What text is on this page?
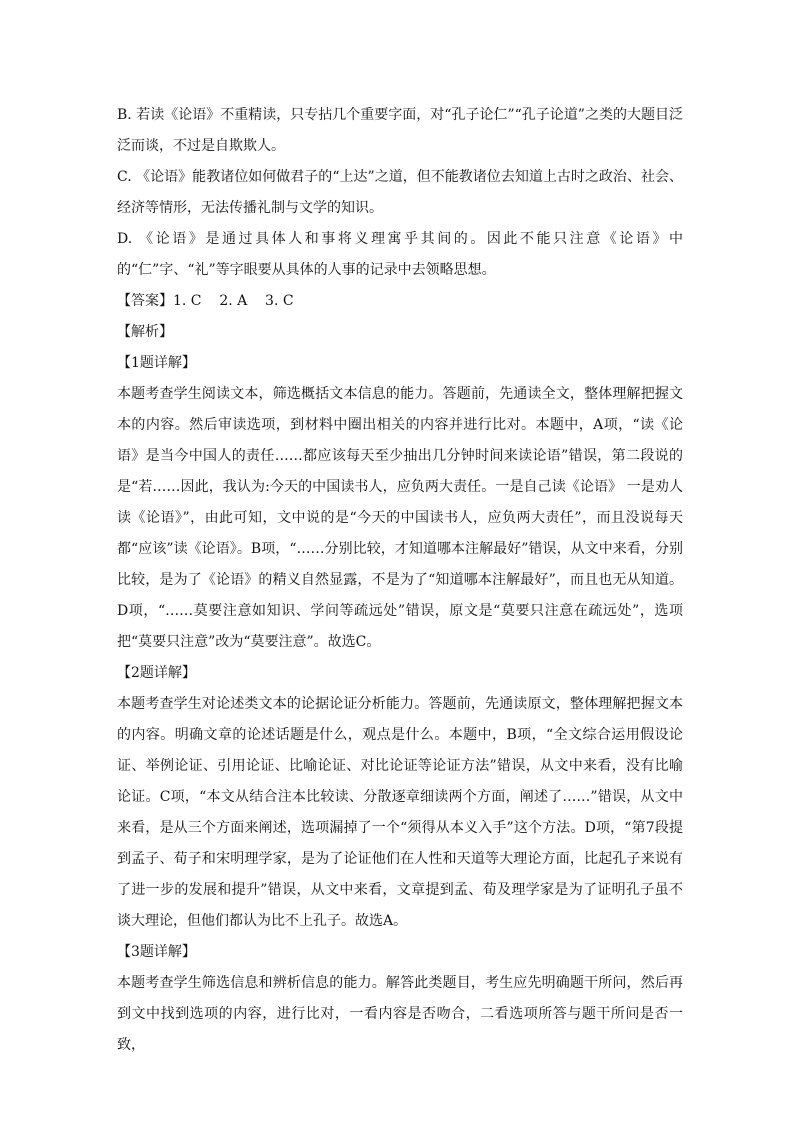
B. 若读《论语》不重精读，只专拈几个重要字面，对“孔子论仁”“孔子论道”之类的大题目泛泛而谈，不过是自欺欺人。

C. 《论语》能教诸位如何做君子的“上达”之道，但不能教诸位去知道上古时之政治、社会、经济等情形，无法传播礼制与文学的知识。

D. 《论语》是通过具体人和事将义理寓乎其间的。因此不能只注意《论语》中的“仁”字、“礼”等字眼要从具体的人事的记录中去领略思想。

【答案】1. C    2. A    3. C

【解析】

【1题详解】

本题考查学生阅读文本，筛选概括文本信息的能力。答题前，先通读全文，整体理解把握文本的内容。然后审读选项，到材料中圈出相关的内容并进行比对。本题中，A项，“读《论语》是当今中国人的责任……都应该每天至少抽出几分钟时间来读论语”错误，第二段说的是“若……因此，我认为:今天的中国读书人，应负两大责任。一是自己读《论语》 一是劝人读《论语》”，由此可知，文中说的是“今天的中国读书人，应负两大责任”，而且没说每天都“应该”读《论语》。B项，“……分别比较，才知道哪本注解最好”错误，从文中来看，分别比较，是为了《论语》的精义自然显露，不是为了“知道哪本注解最好”，而且也无从知道。D项，“……莫要注意如知识、学问等疏远处”错误，原文是“莫要只注意在疏远处”，选项把“莫要只注意”改为“莫要注意”。故选C。

【2题详解】

本题考查学生对论述类文本的论据论证分析能力。答题前，先通读原文，整体理解把握文本的内容。明确文章的论述话题是什么，观点是什么。本题中，B项，“全文综合运用假设论证、举例论证、引用论证、比喻论证、对比论证等论证方法”错误，从文中来看，没有比喻论证。C项，“本文从结合注本比较读、分散逐章细读两个方面，阐述了……”错误，从文中来看，是从三个方面来阐述，选项漏掉了一个“须得从本义入手”这个方法。D项，“第7段提到孟子、荀子和宋明理学家，是为了论证他们在人性和天道等大理论方面，比起孔子来说有了进一步的发展和提升”错误，从文中来看，文章提到孟、荀及理学家是为了证明孔子虽不谈大理论，但他们都认为比不上孔子。故选A。

【3题详解】

本题考查学生筛选信息和辨析信息的能力。解答此类题目，考生应先明确题干所问，然后再到文中找到选项的内容，进行比对，一看内容是否吻合，二看选项所答与题干所问是否一致，
